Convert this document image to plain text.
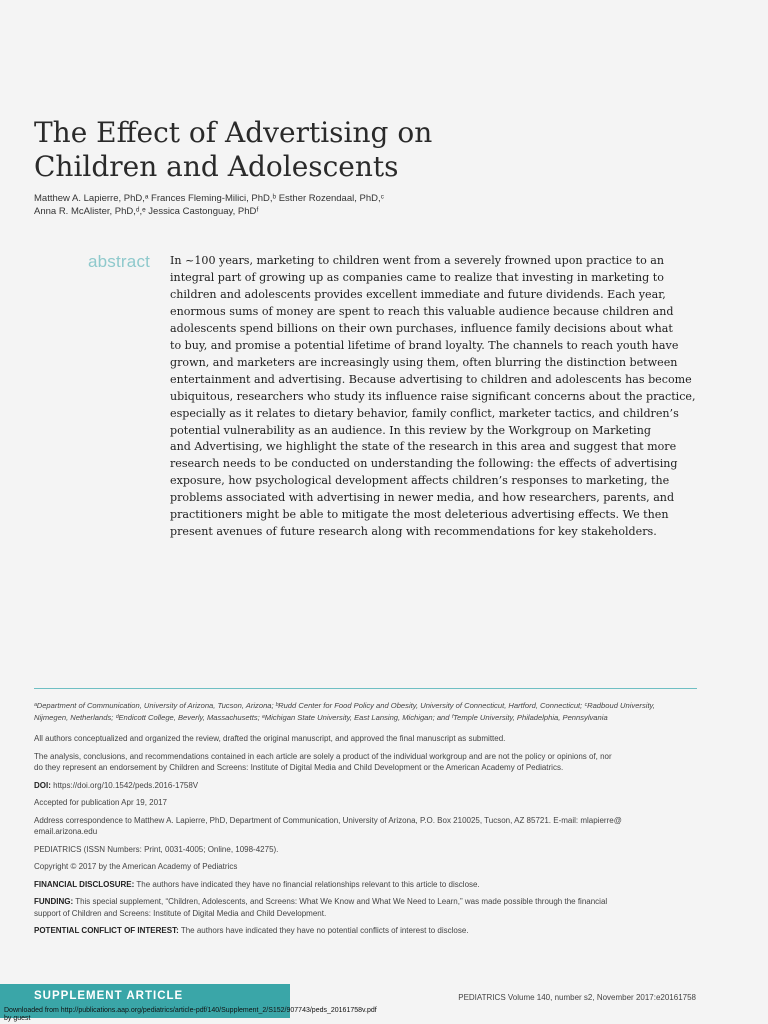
The Effect of Advertising on
Children and Adolescents
Matthew A. Lapierre, PhD,ᵃ Frances Fleming-Milici, PhD,ᵇ Esther Rozendaal, PhD,ᶜ
Anna R. McAlister, PhD,ᵈ,ᵉ Jessica Castonguay, PhDᶠ
abstract In ~100 years, marketing to children went from a severely frowned upon practice to an
integral part of growing up as companies came to realize that investing in marketing to
children and adolescents provides excellent immediate and future dividends. Each year,
enormous sums of money are spent to reach this valuable audience because children and
adolescents spend billions on their own purchases, influence family decisions about what
to buy, and promise a potential lifetime of brand loyalty. The channels to reach youth have
grown, and marketers are increasingly using them, often blurring the distinction between
entertainment and advertising. Because advertising to children and adolescents has become
ubiquitous, researchers who study its influence raise significant concerns about the practice,
especially as it relates to dietary behavior, family conflict, marketer tactics, and children’s
potential vulnerability as an audience. In this review by the Workgroup on Marketing
and Advertising, we highlight the state of the research in this area and suggest that more
research needs to be conducted on understanding the following: the effects of advertising
exposure, how psychological development affects children’s responses to marketing, the
problems associated with advertising in newer media, and how researchers, parents, and
practitioners might be able to mitigate the most deleterious advertising effects. We then
present avenues of future research along with recommendations for key stakeholders.
ᵃDepartment of Communication, University of Arizona, Tucson, Arizona; ᵇRudd Center for Food Policy and Obesity, University of Connecticut, Hartford, Connecticut; ᶜRadboud University,
Nijmegen, Netherlands; ᵈEndicott College, Beverly, Massachusetts; ᵉMichigan State University, East Lansing, Michigan; and ᶠTemple University, Philadelphia, Pennsylvania
All authors conceptualized and organized the review, drafted the original manuscript, and approved the final manuscript as submitted.
The analysis, conclusions, and recommendations contained in each article are solely a product of the individual workgroup and are not the policy or opinions of, nor
do they represent an endorsement by Children and Screens: Institute of Digital Media and Child Development or the American Academy of Pediatrics.
DOI: https://doi.org/10.1542/peds.2016-1758V
Accepted for publication Apr 19, 2017
Address correspondence to Matthew A. Lapierre, PhD, Department of Communication, University of Arizona, P.O. Box 210025, Tucson, AZ 85721. E-mail: mlapierre@
email.arizona.edu
PEDIATRICS (ISSN Numbers: Print, 0031-4005; Online, 1098-4275).
Copyright © 2017 by the American Academy of Pediatrics
FINANCIAL DISCLOSURE: The authors have indicated they have no financial relationships relevant to this article to disclose.
FUNDING: This special supplement, “Children, Adolescents, and Screens: What We Know and What We Need to Learn,” was made possible through the financial
support of Children and Screens: Institute of Digital Media and Child Development.
POTENTIAL CONFLICT OF INTEREST: The authors have indicated they have no potential conflicts of interest to disclose.
SUPPLEMENT ARTICLE	PEDIATRICS Volume 140, number s2, November 2017:e20161758
Downloaded from http://publications.aap.org/pediatrics/article-pdf/140/Supplement_2/S152/907743/peds_20161758v.pdf
by guest
